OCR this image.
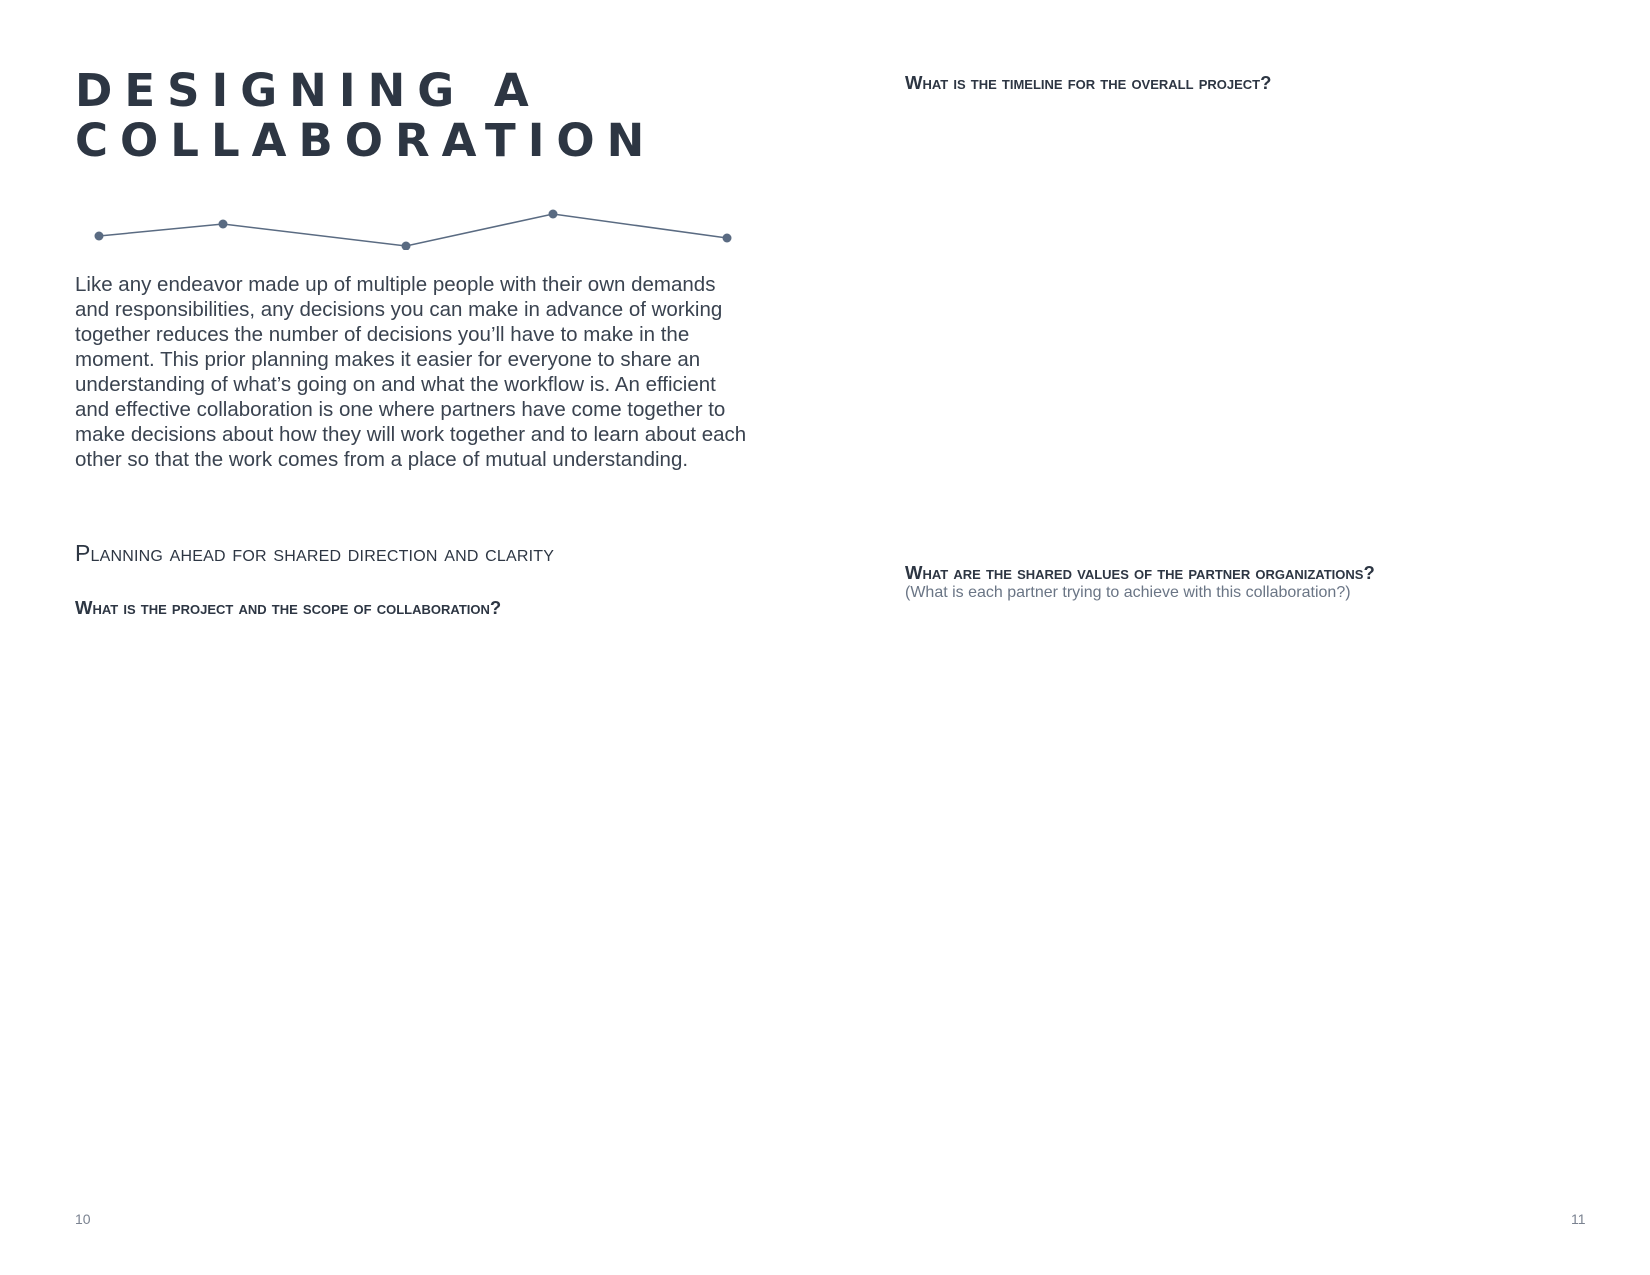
DESIGNING A
COLLABORATION

Like any endeavor made up of multiple people with their own demands and responsibilities, any decisions you can make in advance of working together reduces the number of decisions you’ll have to make in the moment. This prior planning makes it easier for everyone to share an understanding of what’s going on and what the workflow is. An efficient and effective collaboration is one where partners have come together to make decisions about how they will work together and to learn about each other so that the work comes from a place of mutual understanding.

Planning ahead for shared direction and clarity
What is the project and the scope of collaboration?
10
What is the timeline for the overall project?
What are the shared values of the partner organizations?

(What is each partner trying to achieve with this collaboration?)

11
